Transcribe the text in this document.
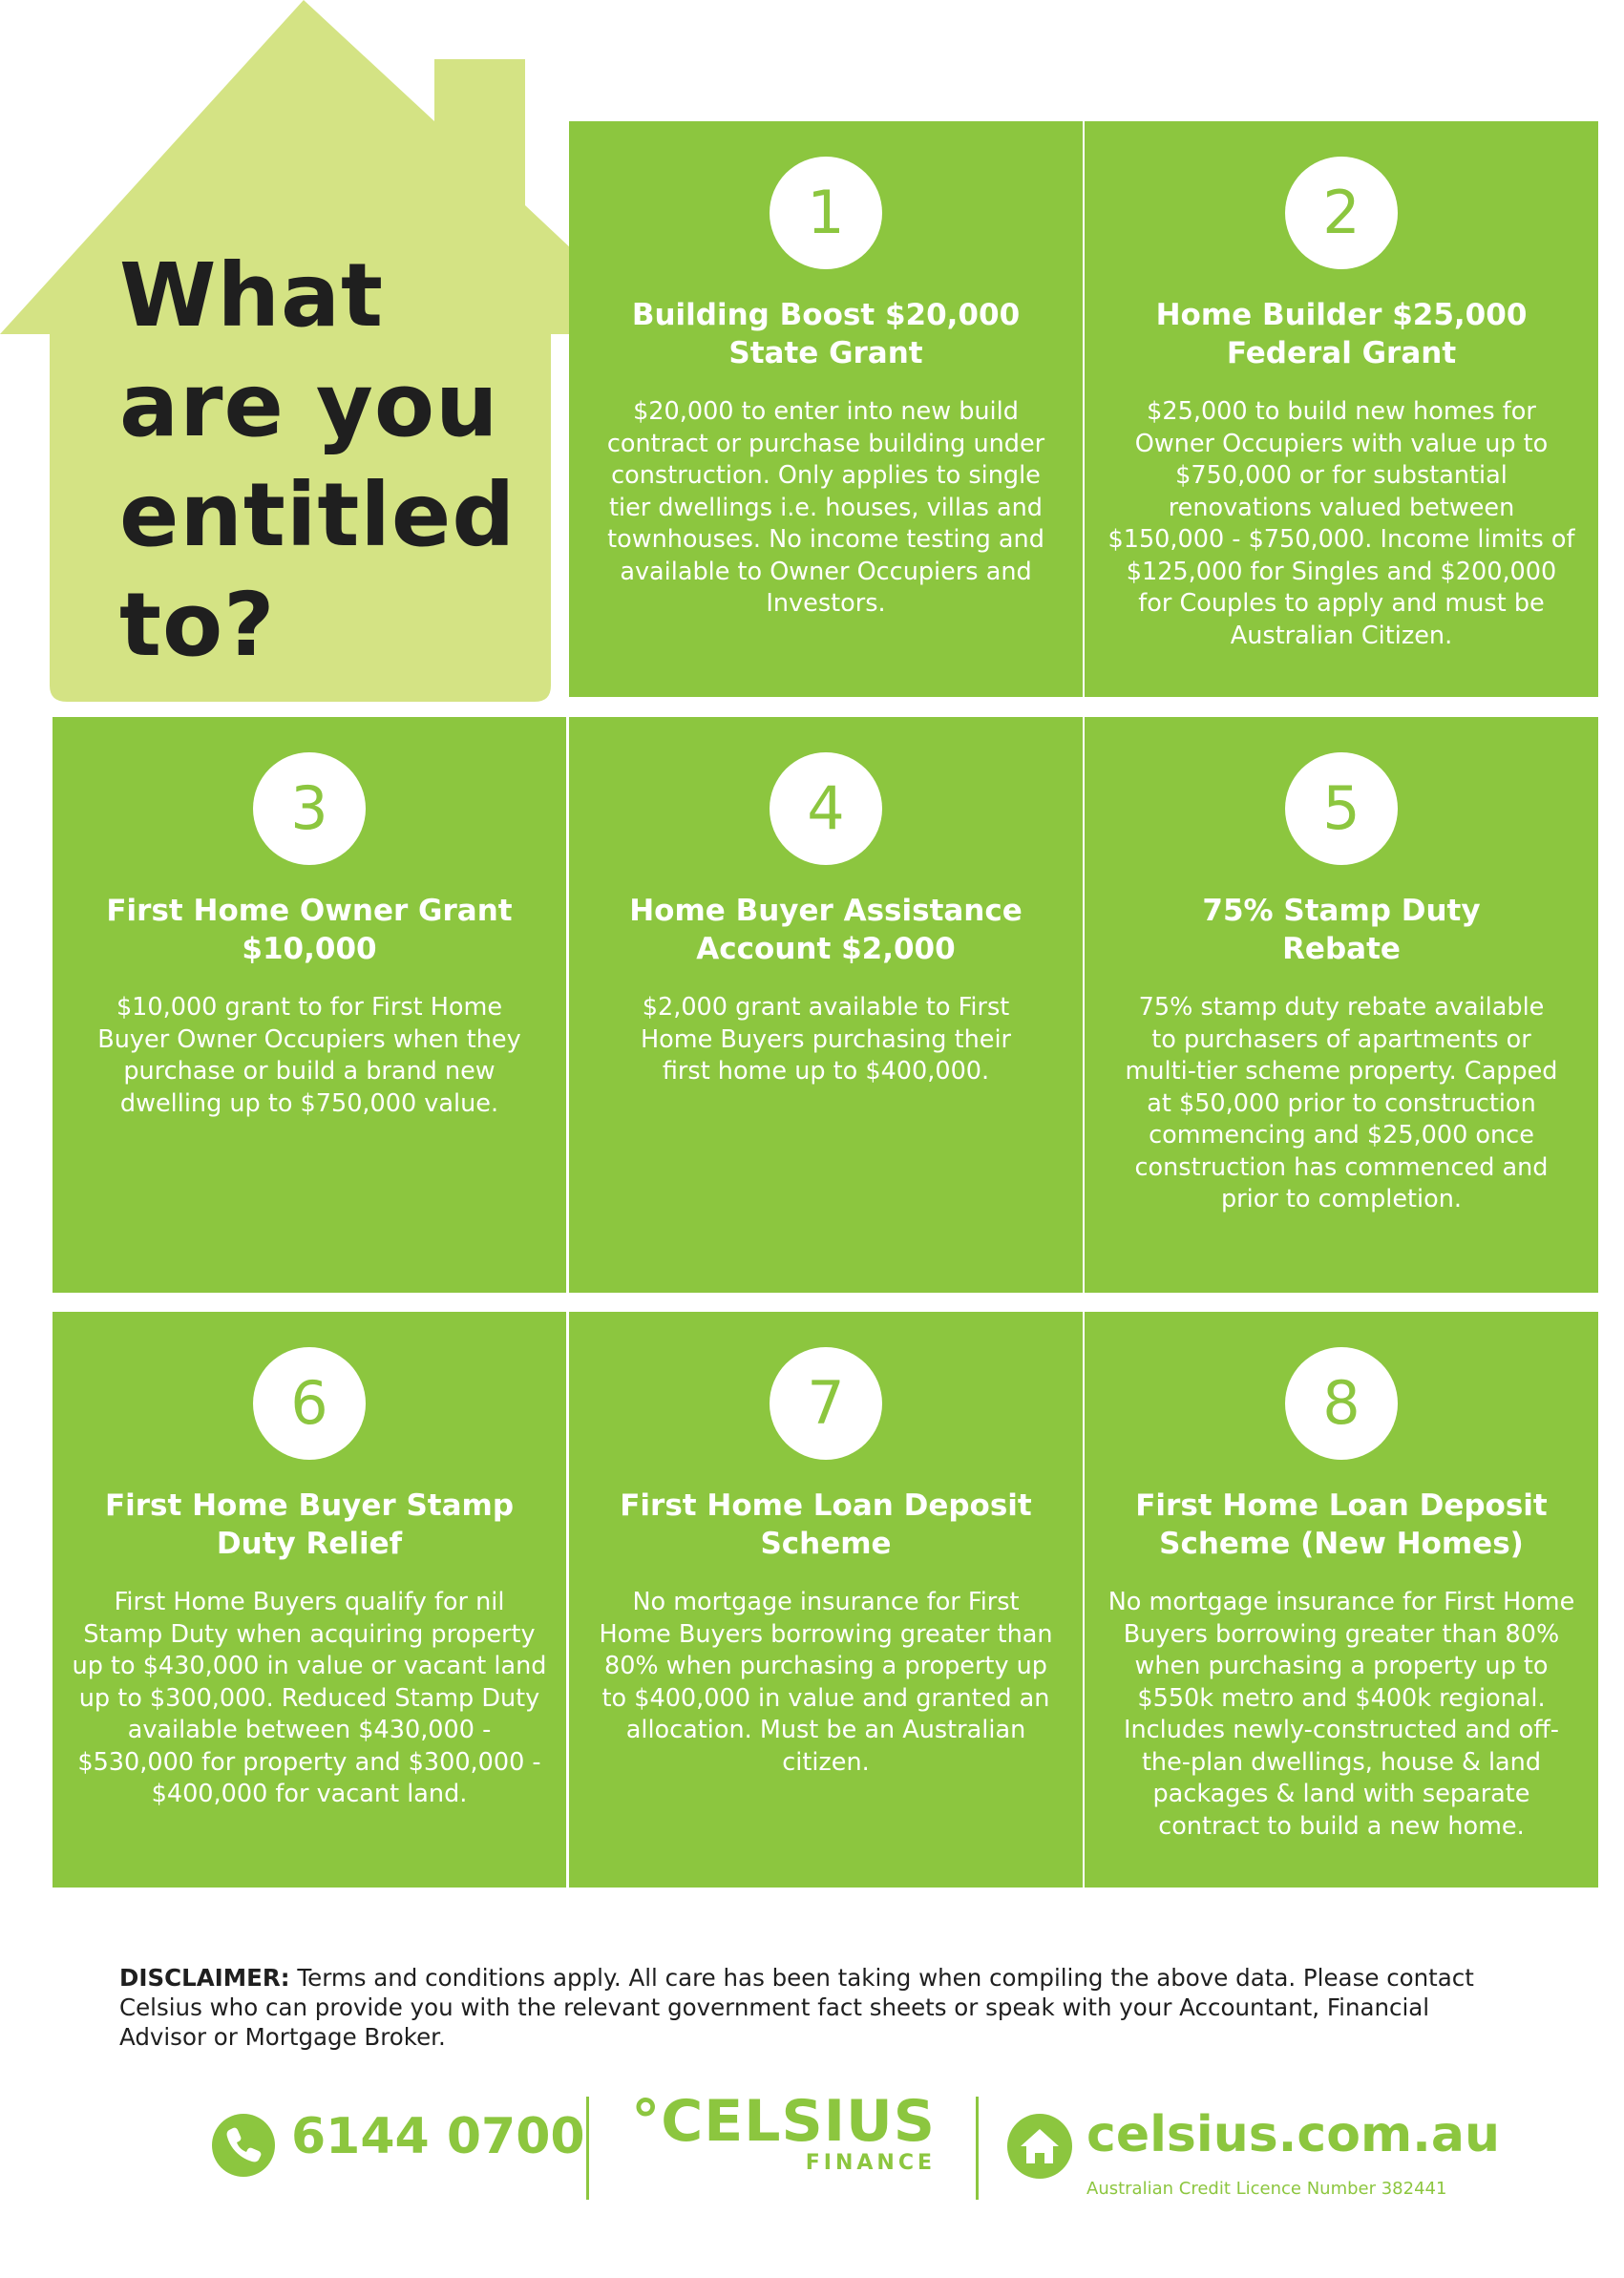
What
are you
entitled
to?
1
Building Boost $20,000 State Grant
$20,000 to enter into new build contract or purchase building under construction. Only applies to single tier dwellings i.e. houses, villas and townhouses. No income testing and available to Owner Occupiers and Investors.
2
Home Builder $25,000 Federal Grant
$25,000 to build new homes for Owner Occupiers with value up to $750,000 or for substantial renovations valued between $150,000 - $750,000. Income limits of $125,000 for Singles and $200,000 for Couples to apply and must be Australian Citizen.
3
First Home Owner Grant $10,000
$10,000 grant to for First Home Buyer Owner Occupiers when they purchase or build a brand new dwelling up to $750,000 value.
4
Home Buyer Assistance Account $2,000
$2,000 grant available to First Home Buyers purchasing their first home up to $400,000.
5
75% Stamp Duty Rebate
75% stamp duty rebate available to purchasers of apartments or multi-tier scheme property. Capped at $50,000 prior to construction commencing and $25,000 once construction has commenced and prior to completion.
6
First Home Buyer Stamp Duty Relief
First Home Buyers qualify for nil Stamp Duty when acquiring property up to $430,000 in value or vacant land up to $300,000. Reduced Stamp Duty available between $430,000 - $530,000 for property and $300,000 - $400,000 for vacant land.
7
First Home Loan Deposit Scheme
No mortgage insurance for First Home Buyers borrowing greater than 80% when purchasing a property up to $400,000 in value and granted an allocation. Must be an Australian citizen.
8
First Home Loan Deposit Scheme (New Homes)
No mortgage insurance for First Home Buyers borrowing greater than 80% when purchasing a property up to $550k metro and $400k regional. Includes newly-constructed and off-the-plan dwellings, house & land packages & land with separate contract to build a new home.
DISCLAIMER: Terms and conditions apply. All care has been taking when compiling the above data. Please contact Celsius who can provide you with the relevant government fact sheets or speak with your Accountant, Financial Advisor or Mortgage Broker.
6144 0700 °CELSIUS
FINANCE	celsius.com.au
Australian Credit Licence Number 382441
